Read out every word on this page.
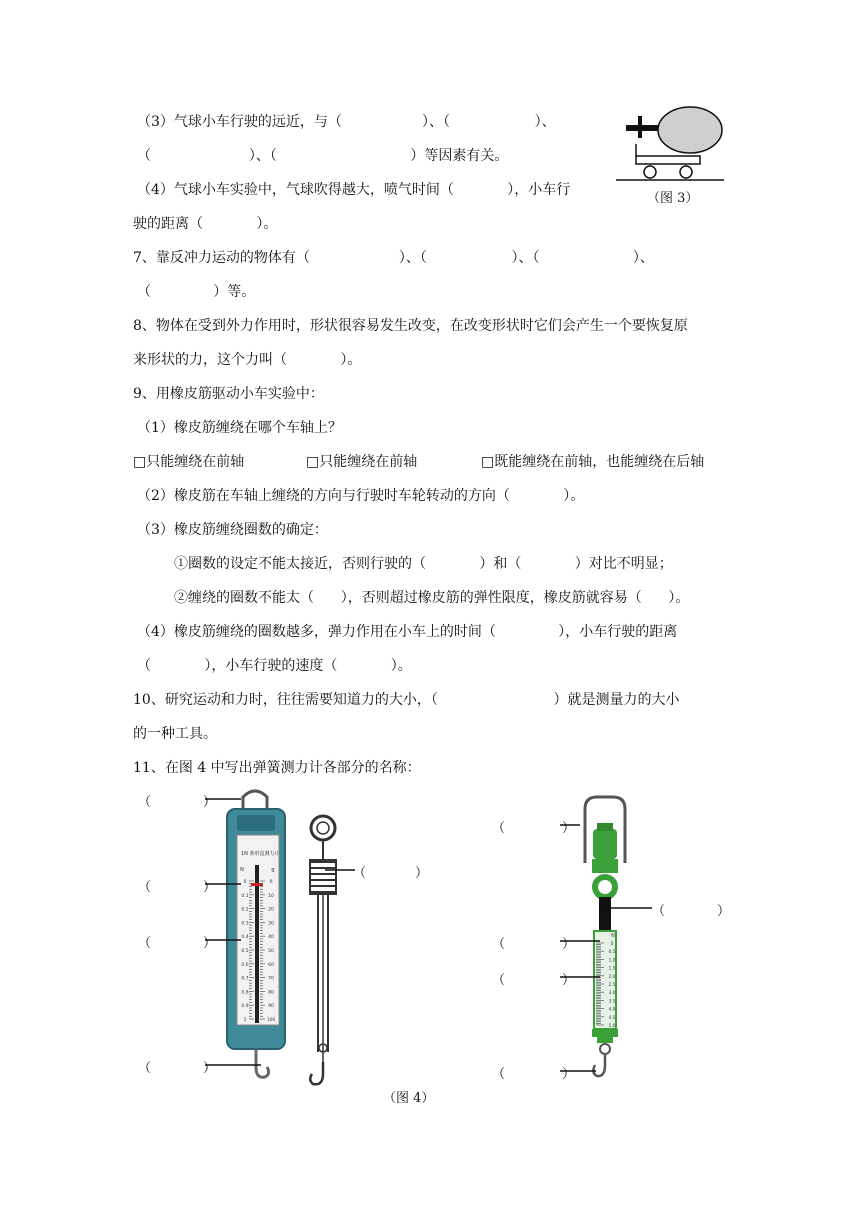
（3）气球小车行驶的远近，与（                  ）、（                   ）、
（                      ）、（                              ）等因素有关。
（4）气球小车实验中，气球吹得越大，喷气时间（            ），小车行
驶的距离（            ）。
（图 3）
7、靠反冲力运动的物体有（                    ）、（                   ）、（                     ）、
（              ）等。
8、物体在受到外力作用时，形状很容易发生改变，在改变形状时它们会产生一个要恢复原
来形状的力，这个力叫（            ）。
9、用橡皮筋驱动小车实验中：
（1）橡皮筋缠绕在哪个车轴上？
□只能缠绕在前轴	□只能缠绕在前轴	□既能缠绕在前轴，也能缠绕在后轴
（2）橡皮筋在车轴上缠绕的方向与行驶时车轮转动的方向（            ）。
（3）橡皮筋缠绕圈数的确定：
①圈数的设定不能太接近，否则行驶的（            ）和（            ）对比不明显；
②缠绕的圈数不能太（      ），否则超过橡皮筋的弹性限度，橡皮筋就容易（      ）。
（4）橡皮筋缠绕的圈数越多，弹力作用在小车上的时间（              ），小车行驶的距离
（            ），小车行驶的速度（            ）。
10、研究运动和力时，往往需要知道力的大小，（                          ）就是测量力的大小
的一种工具。
11、在图 4 中写出弹簧测力计各部分的名称：
1N 条形盒测力计
N	g
0	0
0.1	10
0.2	20
0.3	30
0.4	40
0.5	50
0.6	60
0.7	70
0.8	80
0.9	90
1	100
N
0
0.5
1.0
1.5
2.0
2.5
3.0
3.5
4.0
4.5
5.0
（	）
（	）
（	）
（	）
（	）
（	）
（	）
（	）
（	）
（	）
（图 4）
